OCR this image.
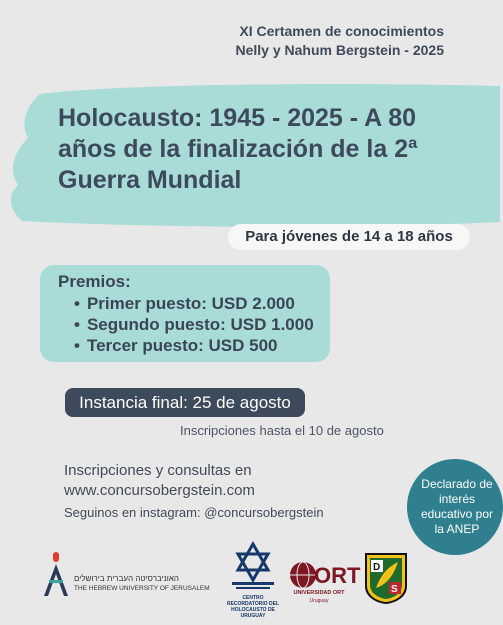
XI Certamen de conocimientos
Nelly y Nahum Bergstein - 2025
Holocausto: 1945 - 2025 - A 80 años de la finalización de la 2ª Guerra Mundial
Para jóvenes de 14 a 18 años
Premios:
• Primer puesto: USD 2.000
• Segundo puesto: USD 1.000
• Tercer puesto: USD 500
Instancia final: 25 de agosto
Inscripciones hasta el 10 de agosto
Inscripciones y consultas en
www.concursobergstein.com
Seguinos en instagram: @concursobergstein
Declarado de interés educativo por la ANEP
האוניברסיטה העברית בירושלים
THE HEBREW UNIVERSITY OF JERUSALEM
CENTRO RECORDATORIO DEL HOLOCAUSTO DE URUGUAY
ORT
UNIVERSIDAD ORT
Uruguay
D
S
